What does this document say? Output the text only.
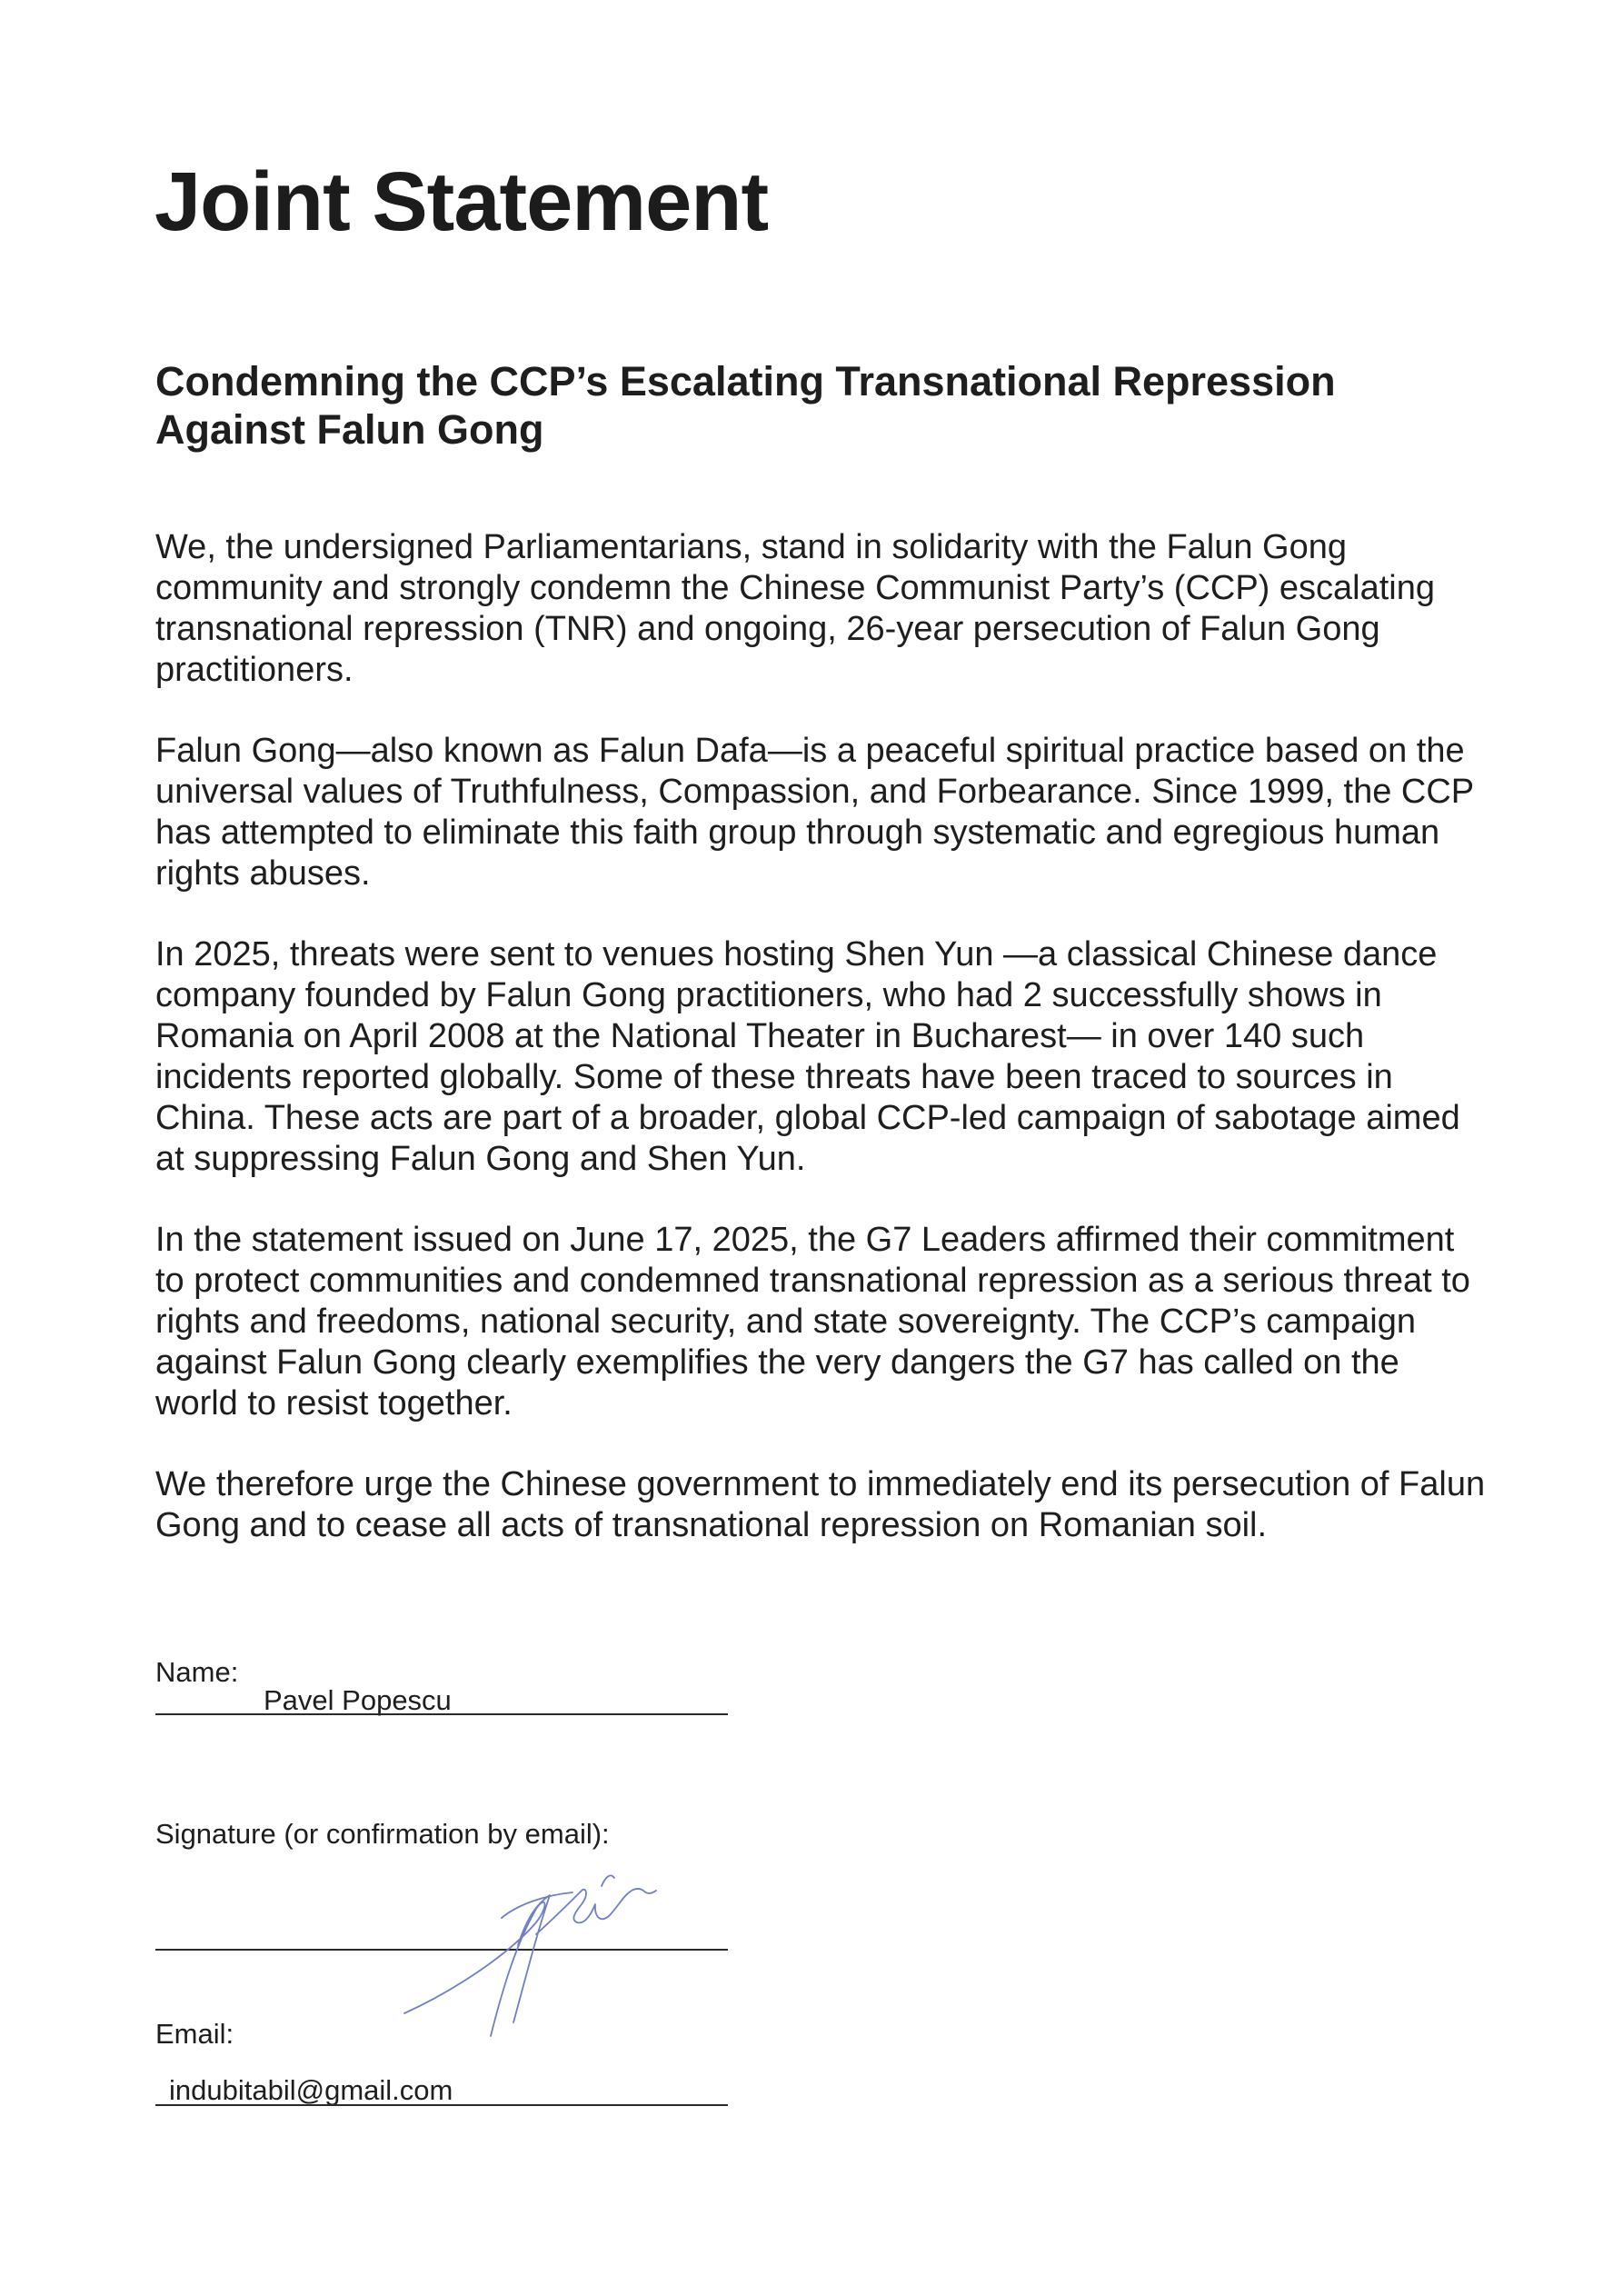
Joint Statement
Condemning the CCP’s Escalating Transnational Repression Against Falun Gong

We, the undersigned Parliamentarians, stand in solidarity with the Falun Gong community and strongly condemn the Chinese Communist Party’s (CCP) escalating transnational repression (TNR) and ongoing, 26-year persecution of Falun Gong practitioners.

Falun Gong—also known as Falun Dafa—is a peaceful spiritual practice based on the universal values of Truthfulness, Compassion, and Forbearance. Since 1999, the CCP has attempted to eliminate this faith group through systematic and egregious human rights abuses.

In 2025, threats were sent to venues hosting Shen Yun —a classical Chinese dance company founded by Falun Gong practitioners, who had 2 successfully shows in Romania on April 2008 at the National Theater in Bucharest— in over 140 such incidents reported globally. Some of these threats have been traced to sources in China. These acts are part of a broader, global CCP-led campaign of sabotage aimed at suppressing Falun Gong and Shen Yun.

In the statement issued on June 17, 2025, the G7 Leaders affirmed their commitment to protect communities and condemned transnational repression as a serious threat to rights and freedoms, national security, and state sovereignty. The CCP’s campaign against Falun Gong clearly exemplifies the very dangers the G7 has called on the world to resist together.

We therefore urge the Chinese government to immediately end its persecution of Falun Gong and to cease all acts of transnational repression on Romanian soil.

Name:
Pavel Popescu
Signature (or confirmation by email):
Email:
indubitabil@gmail.com
